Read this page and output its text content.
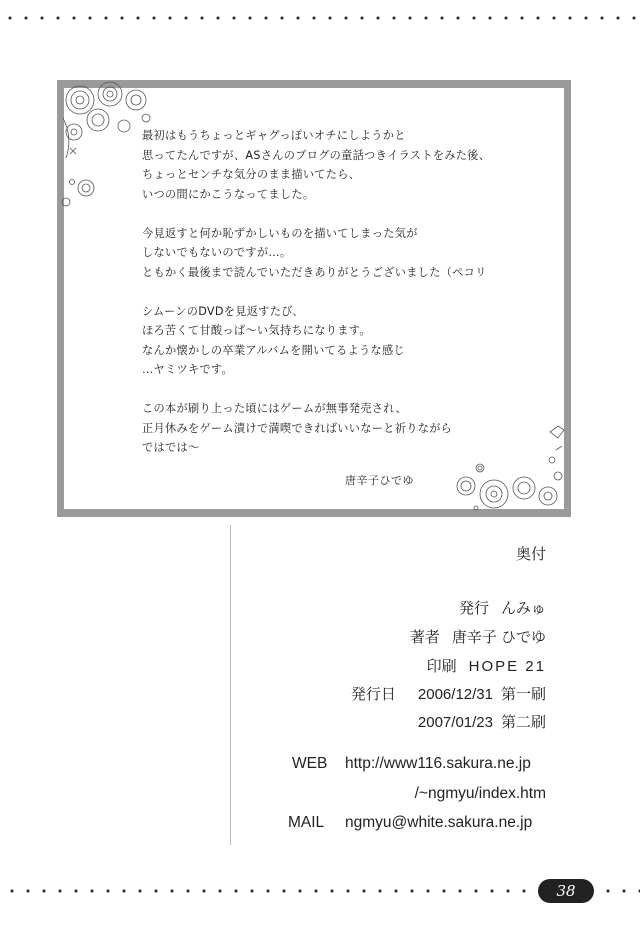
最初はもうちょっとギャグっぽいオチにしようかと
思ってたんですが、ASさんのブログの童話つきイラストをみた後、
ちょっとセンチな気分のまま描いてたら、
いつの間にかこうなってました。
今見返すと何か恥ずかしいものを描いてしまった気が
しないでもないのですが…。
ともかく最後まで読んでいただきありがとうございました（ペコリ
シムーンのDVDを見返すたび、
ほろ苦くて甘酸っぱ～い気持ちになります。
なんか懐かしの卒業アルバムを開いてるような感じ
…ヤミツキです。
この本が刷り上った頃にはゲームが無事発売され、
正月休みをゲーム漬けで満喫できればいいなーと祈りながら
ではでは～
唐辛子ひでゆ
奥付
発行 んみゅ
著者 唐辛子 ひでゆ
印刷 HOPE 21
発行日 2006/12/31 第一刷
2007/01/23 第二刷
WEB http://www116.sakura.ne.jp
/~ngmyu/index.htm
MAIL ngmyu@white.sakura.ne.jp
38
